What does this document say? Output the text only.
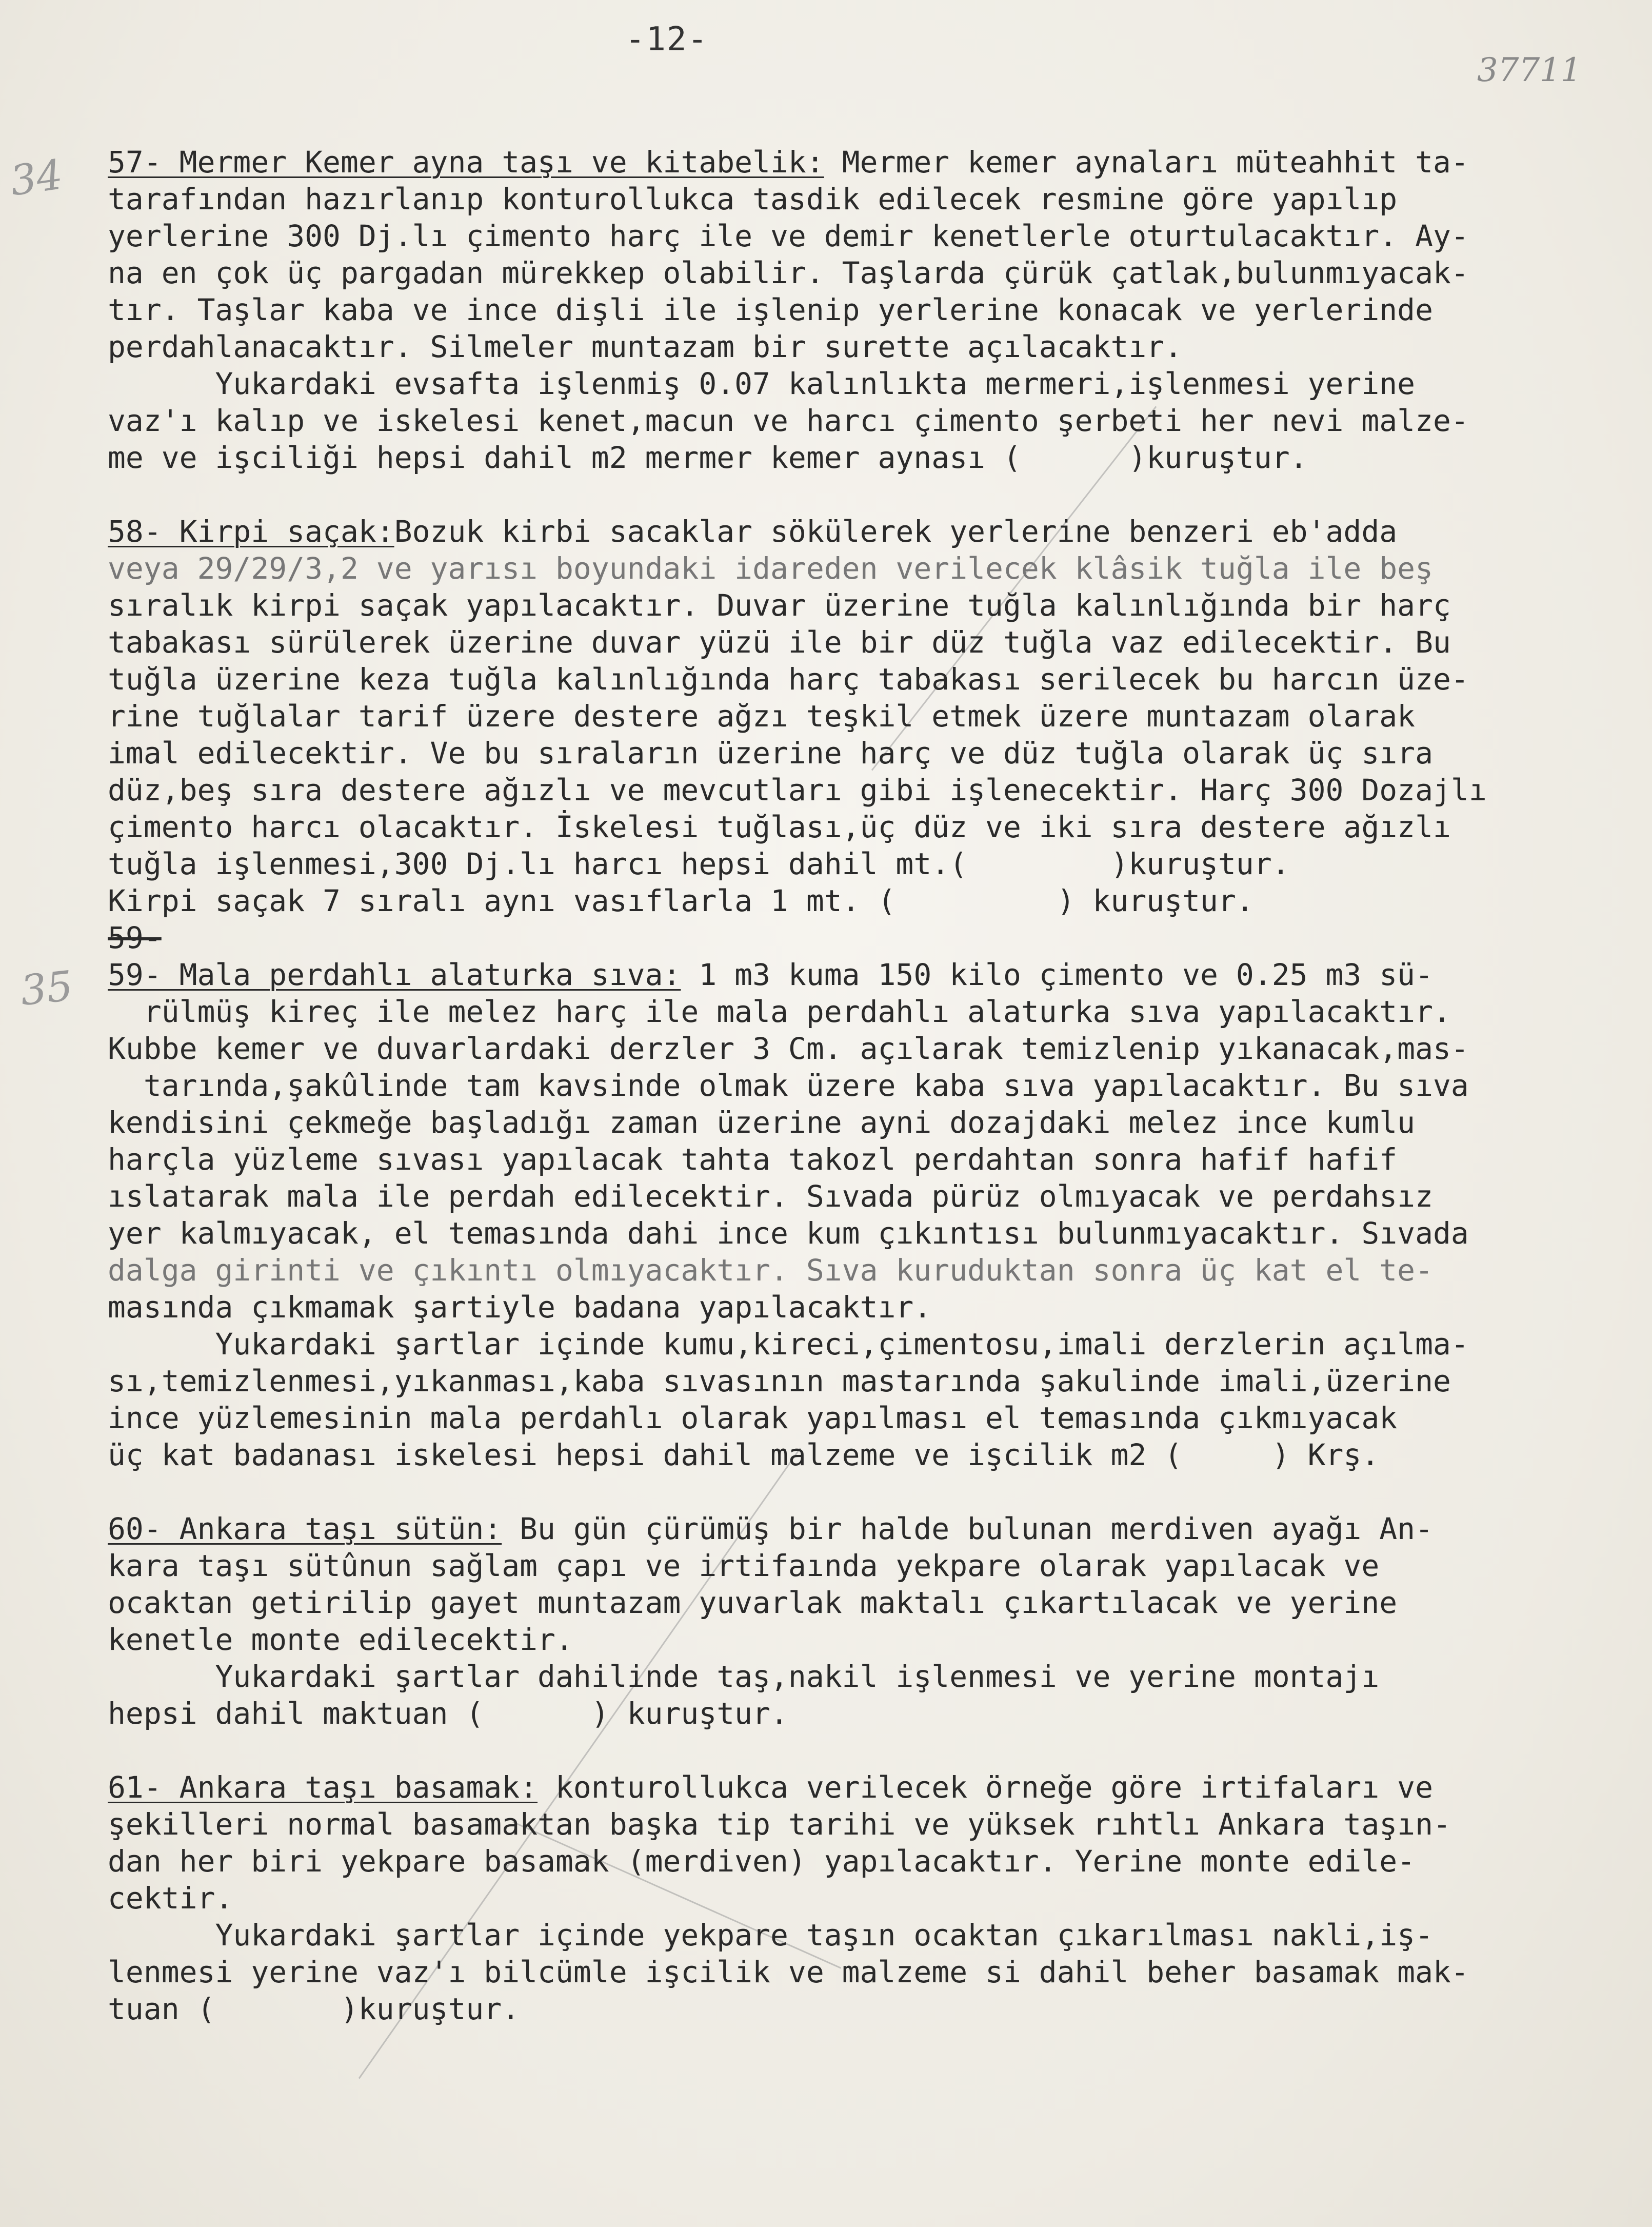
-12-
37711
34
35
57- Mermer Kemer ayna taşı ve kitabelik: Mermer kemer aynaları müteahhit ta-
tarafından hazırlanıp konturollukca tasdik edilecek resmine göre yapılıp
yerlerine 300 Dj.lı çimento harç ile ve demir kenetlerle oturtulacaktır. Ay-
na en çok üç pargadan mürekkep olabilir. Taşlarda çürük çatlak,bulunmıyacak-
tır. Taşlar kaba ve ince dişli ile işlenip yerlerine konacak ve yerlerinde
perdahlanacaktır. Silmeler muntazam bir surette açılacaktır.
Yukardaki evsafta işlenmiş 0.07 kalınlıkta mermeri,işlenmesi yerine
vaz'ı kalıp ve iskelesi kenet,macun ve harcı çimento şerbeti her nevi malze-
me ve işciliği hepsi dahil m2 mermer kemer aynası (      )kuruştur.
58- Kirpi saçak:Bozuk kirbi sacaklar sökülerek yerlerine benzeri eb'adda
veya 29/29/3,2 ve yarısı boyundaki idareden verilecek klâsik tuğla ile beş
sıralık kirpi saçak yapılacaktır. Duvar üzerine tuğla kalınlığında bir harç
tabakası sürülerek üzerine duvar yüzü ile bir düz tuğla vaz edilecektir. Bu
tuğla üzerine keza tuğla kalınlığında harç tabakası serilecek bu harcın üze-
rine tuğlalar tarif üzere destere ağzı teşkil etmek üzere muntazam olarak
imal edilecektir. Ve bu sıraların üzerine harç ve düz tuğla olarak üç sıra
düz,beş sıra destere ağızlı ve mevcutları gibi işlenecektir. Harç 300 Dozajlı
çimento harcı olacaktır. İskelesi tuğlası,üç düz ve iki sıra destere ağızlı
tuğla işlenmesi,300 Dj.lı harcı hepsi dahil mt.(        )kuruştur.
Kirpi saçak 7 sıralı aynı vasıflarla 1 mt. (         ) kuruştur.
59-
59- Mala perdahlı alaturka sıva: 1 m3 kuma 150 kilo çimento ve 0.25 m3 sü-
rülmüş kireç ile melez harç ile mala perdahlı alaturka sıva yapılacaktır.
Kubbe kemer ve duvarlardaki derzler 3 Cm. açılarak temizlenip yıkanacak,mas-
tarında,şakûlinde tam kavsinde olmak üzere kaba sıva yapılacaktır. Bu sıva
kendisini çekmeğe başladığı zaman üzerine ayni dozajdaki melez ince kumlu
harçla yüzleme sıvası yapılacak tahta takozl perdahtan sonra hafif hafif
ıslatarak mala ile perdah edilecektir. Sıvada pürüz olmıyacak ve perdahsız
yer kalmıyacak, el temasında dahi ince kum çıkıntısı bulunmıyacaktır. Sıvada
dalga girinti ve çıkıntı olmıyacaktır. Sıva kuruduktan sonra üç kat el te-
masında çıkmamak şartiyle badana yapılacaktır.
Yukardaki şartlar içinde kumu,kireci,çimentosu,imali derzlerin açılma-
sı,temizlenmesi,yıkanması,kaba sıvasının mastarında şakulinde imali,üzerine
ince yüzlemesinin mala perdahlı olarak yapılması el temasında çıkmıyacak
üç kat badanası iskelesi hepsi dahil malzeme ve işcilik m2 (     ) Krş.
60- Ankara taşı sütün: Bu gün çürümüş bir halde bulunan merdiven ayağı An-
kara taşı sütûnun sağlam çapı ve irtifaında yekpare olarak yapılacak ve
ocaktan getirilip gayet muntazam yuvarlak maktalı çıkartılacak ve yerine
kenetle monte edilecektir.
Yukardaki şartlar dahilinde taş,nakil işlenmesi ve yerine montajı
hepsi dahil maktuan (      ) kuruştur.
61- Ankara taşı basamak: konturollukca verilecek örneğe göre irtifaları ve
şekilleri normal basamaktan başka tip tarihi ve yüksek rıhtlı Ankara taşın-
dan her biri yekpare basamak (merdiven) yapılacaktır. Yerine monte edile-
cektir.
Yukardaki şartlar içinde yekpare taşın ocaktan çıkarılması nakli,iş-
lenmesi yerine vaz'ı bilcümle işcilik ve malzeme si dahil beher basamak mak-
tuan (       )kuruştur.
